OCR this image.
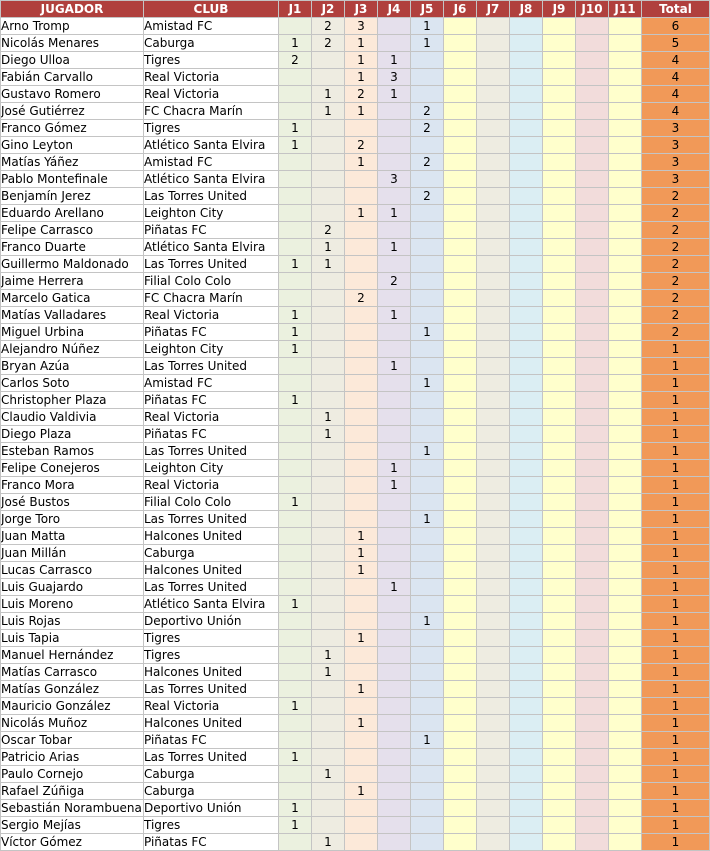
JUGADOR	CLUB	J1	J2	J3	J4	J5	J6	J7	J8	J9	J10	J11	Total
Arno Tromp	Amistad FC		2	3		1							6
Nicolás Menares	Caburga	1	2	1		1							5
Diego Ulloa	Tigres	2		1	1								4
Fabián Carvallo	Real Victoria			1	3								4
Gustavo Romero	Real Victoria		1	2	1								4
José Gutiérrez	FC Chacra Marín		1	1		2							4
Franco Gómez	Tigres	1				2							3
Gino Leyton	Atlético Santa Elvira	1		2									3
Matías Yáñez	Amistad FC			1		2							3
Pablo Montefinale	Atlético Santa Elvira				3								3
Benjamín Jerez	Las Torres United					2							2
Eduardo Arellano	Leighton City			1	1								2
Felipe Carrasco	Piñatas FC		2										2
Franco Duarte	Atlético Santa Elvira		1		1								2
Guillermo Maldonado	Las Torres United	1	1										2
Jaime Herrera	Filial Colo Colo				2								2
Marcelo Gatica	FC Chacra Marín			2									2
Matías Valladares	Real Victoria	1			1								2
Miguel Urbina	Piñatas FC	1				1							2
Alejandro Núñez	Leighton City	1											1
Bryan Azúa	Las Torres United				1								1
Carlos Soto	Amistad FC					1							1
Christopher Plaza	Piñatas FC	1											1
Claudio Valdivia	Real Victoria		1										1
Diego Plaza	Piñatas FC		1										1
Esteban Ramos	Las Torres United					1							1
Felipe Conejeros	Leighton City				1								1
Franco Mora	Real Victoria				1								1
José Bustos	Filial Colo Colo	1											1
Jorge Toro	Las Torres United					1							1
Juan Matta	Halcones United			1									1
Juan Millán	Caburga			1									1
Lucas Carrasco	Halcones United			1									1
Luis Guajardo	Las Torres United				1								1
Luis Moreno	Atlético Santa Elvira	1											1
Luis Rojas	Deportivo Unión					1							1
Luis Tapia	Tigres			1									1
Manuel Hernández	Tigres		1										1
Matías Carrasco	Halcones United		1										1
Matías González	Las Torres United			1									1
Mauricio González	Real Victoria	1											1
Nicolás Muñoz	Halcones United			1									1
Oscar Tobar	Piñatas FC					1							1
Patricio Arias	Las Torres United	1											1
Paulo Cornejo	Caburga		1										1
Rafael Zúñiga	Caburga			1									1
Sebastián Norambuena	Deportivo Unión	1											1
Sergio Mejías	Tigres	1											1
Víctor Gómez	Piñatas FC		1										1
